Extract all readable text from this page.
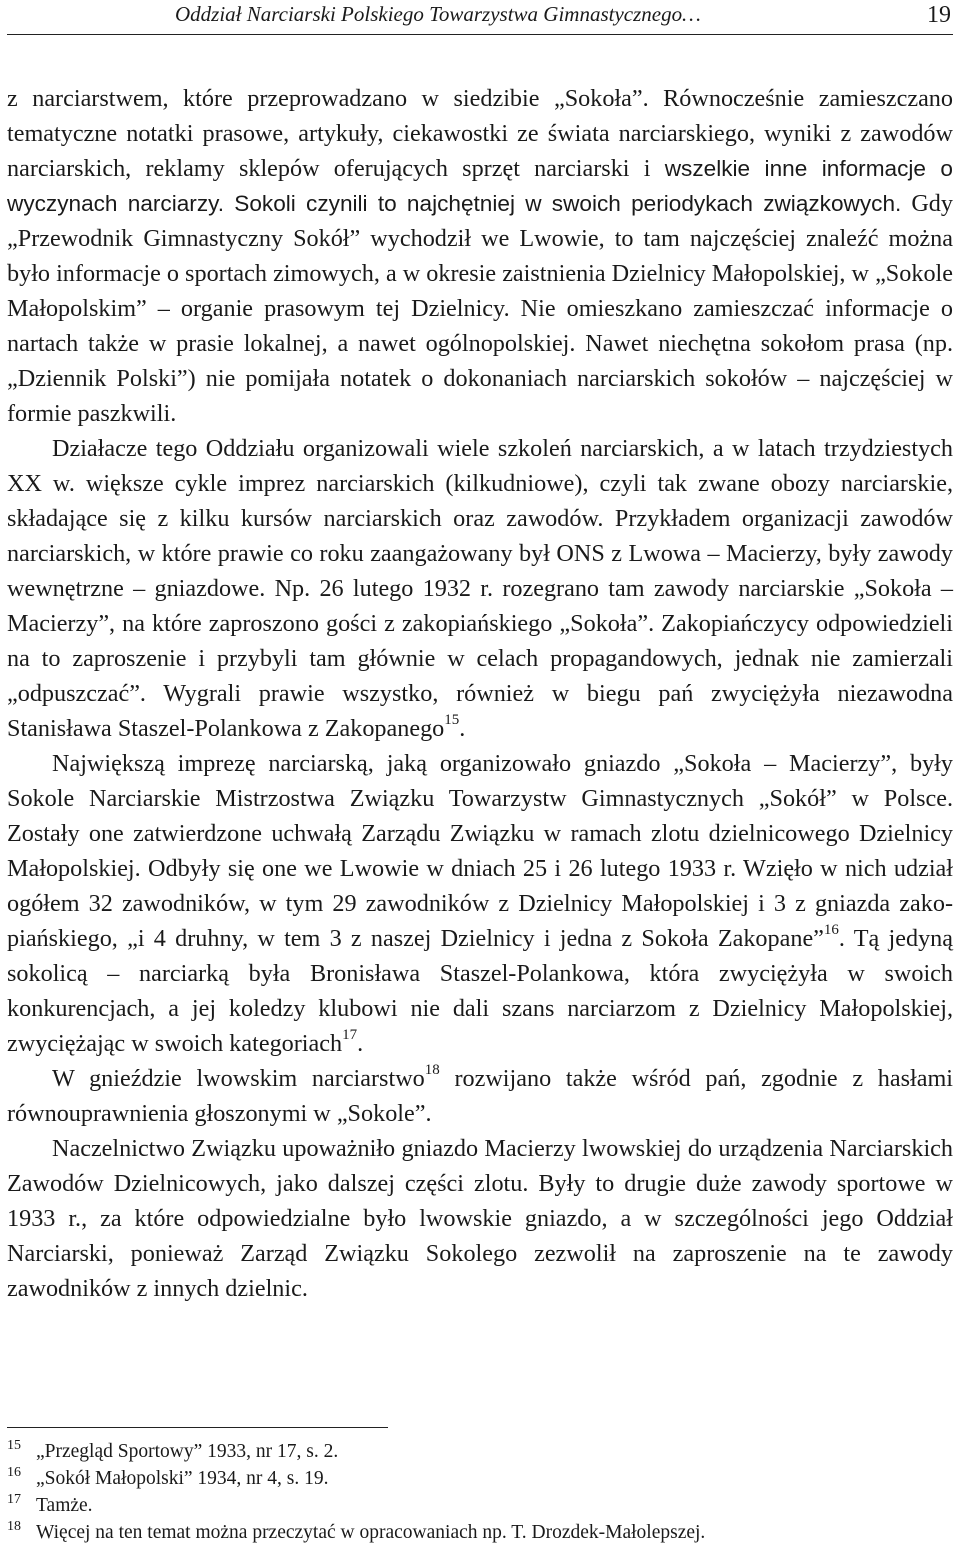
Oddział Narciarski Polskiego Towarzystwa Gimnastycznego…	19

z narciarstwem, które przeprowadzano w siedzibie „Sokoła”. Równocześnie zamieszczano tematyczne notatki prasowe, artykuły, ciekawostki ze świata narciarskiego, wyniki z zawodów narciarskich, reklamy sklepów oferujących sprzęt narciarski i wszelkie inne informacje o wyczynach narciarzy. Sokoli czynili to najchętniej w swoich periodykach związkowych. Gdy „Przewodnik Gimnastyczny Sokół” wychodził we Lwowie, to tam najczęściej znaleźć można było informacje o sportach zimowych, a w okresie zaistnienia Dzielnicy Małopolskiej, w „Sokole Małopolskim” – organie prasowym tej Dzielnicy. Nie omieszkano zamieszczać informacje o nartach także w prasie lokalnej, a nawet ogólnopolskiej. Nawet niechętna sokołom prasa (np. „Dziennik Polski”) nie pomijała notatek o dokonaniach narciarskich sokołów – najczęściej w formie paszkwili.

Działacze tego Oddziału organizowali wiele szkoleń narciarskich, a w latach trzydziestych XX w. większe cykle imprez narciarskich (kilkudniowe), czyli tak zwane obozy narciarskie, składające się z kilku kursów narciarskich oraz zawodów. Przykładem organizacji zawodów narciarskich, w które prawie co roku zaangażowany był ONS z Lwowa – Macierzy, były zawody wewnętrzne – gniazdowe. Np. 26 lutego 1932 r. rozegrano tam zawody narciarskie „Sokoła – Macierzy”, na które zaproszono gości z zakopiańskiego „Sokoła”. Zakopiańczycy odpowiedzieli na to zaproszenie i przybyli tam głównie w celach propagandowych, jednak nie zamierzali „odpuszczać”. Wygrali prawie wszystko, również w biegu pań zwyciężyła niezawodna Stanisława Staszel-Polankowa z Zakopanego$^{15}$.

Największą imprezę narciarską, jaką organizowało gniazdo „Sokoła – Macierzy”, były Sokole Narciarskie Mistrzostwa Związku Towarzystw Gimnastycznych „Sokół” w Polsce. Zostały one zatwierdzone uchwałą Zarządu Związku w ramach zlotu dzielnicowego Dzielnicy Małopolskiej. Odbyły się one we Lwowie w dniach 25 i 26 lutego 1933 r. Wzięło w nich udział ogółem 32 zawodników, w tym 29 zawodników z Dzielnicy Małopolskiej i 3 z gniazda zakopiańskiego, „i 4 druhny, w tem 3 z naszej Dzielnicy i jedna z Sokoła Zakopane”$^{16}$. Tą jedyną sokolicą – narciarką była Bronisława Staszel-Polankowa, która zwyciężyła w swoich konkurencjach, a jej koledzy klubowi nie dali szans narciarzom z Dzielnicy Małopolskiej, zwyciężając w swoich kategoriach$^{17}$.

W gnieździe lwowskim narciarstwo$^{18}$ rozwijano także wśród pań, zgodnie z hasłami równouprawnienia głoszonymi w „Sokole”.

Naczelnictwo Związku upoważniło gniazdo Macierzy lwowskiej do urządzenia Narciarskich Zawodów Dzielnicowych, jako dalszej części zlotu. Były to drugie duże zawody sportowe w 1933 r., za które odpowiedzialne było lwowskie gniazdo, a w szczególności jego Oddział Narciarski, ponieważ Zarząd Związku Sokolego zezwolił na zaproszenie na te zawody zawodników z innych dzielnic.

15 „Przegląd Sportowy” 1933, nr 17, s. 2.
16 „Sokół Małopolski” 1934, nr 4, s. 19.
17 Tamże.
18 Więcej na ten temat można przeczytać w opracowaniach np. T. Drozdek-Małolepszej.
